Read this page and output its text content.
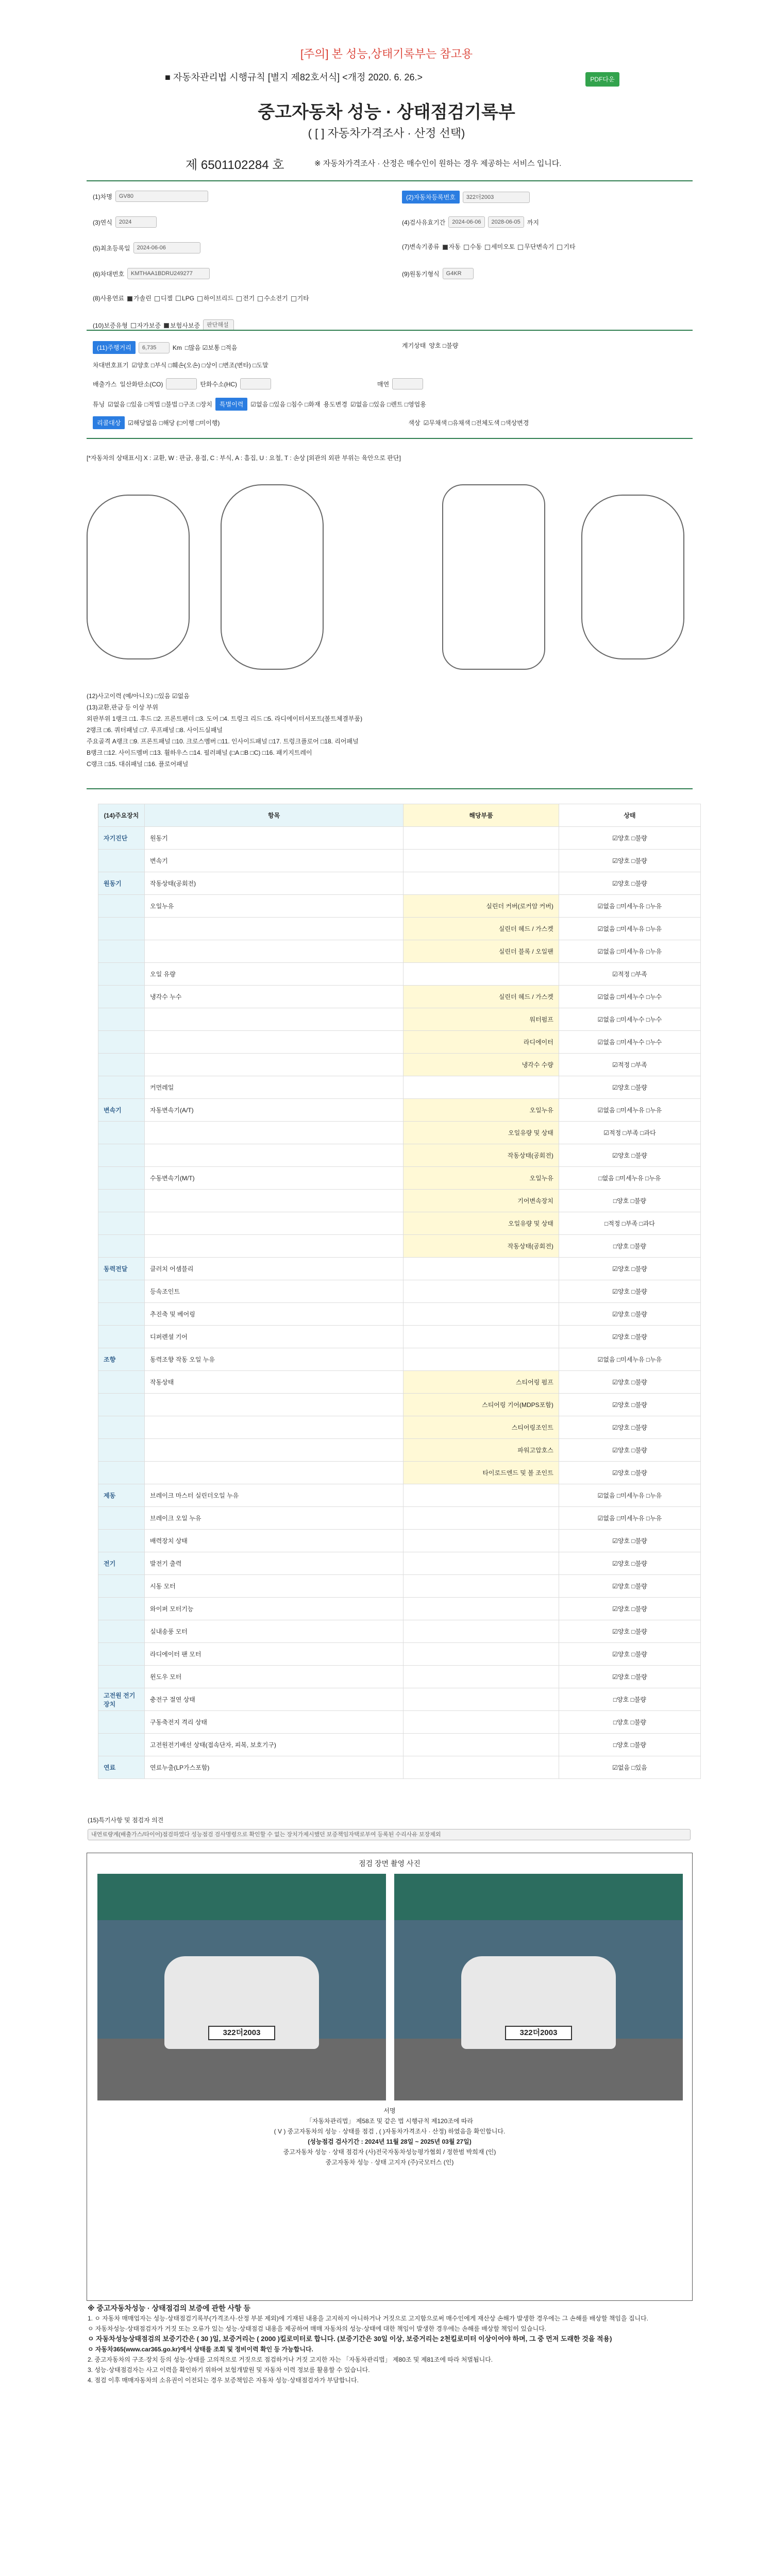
[주의] 본 성능,상태기록부는 참고용
■ 자동차관리법 시행규칙 [별지 제82호서식] <개정 2020. 6. 26.>	PDF다운
중고자동차 성능 · 상태점검기록부
( [ ] 자동차가격조사 · 산정 선택)
제 6501102284 호	※ 자동차가격조사 · 산정은 매수인이 원하는 경우 제공하는 서비스 입니다.
(1)차명	GV80	(2)자동차등록번호	322더2003
(3)연식	2024	(4)검사유효기간	2024-06-06	2028-06-05	까지
(5)최초등록일	2024-06-06	(7)변속기종류	자동	수동	세미오토	무단변속기	기타
(6)차대번호	KMTHAA1BDRU249277	(9)원동기형식	G4KR
(8)사용연료	가솔린	디젤	LPG	하이브리드	전기	수소전기	기타
(10)보증유형	자가보증	보험사보증	판단해설
(11)주행거리	6,735	Km □많음 ☑보통 □적음	계기상태 양호 □불량
차대번호표기 ☑양호 □부식 □훼손(오손) □상이 □변조(변타) □도말
배출가스 일산화탄소(CO)	탄화수소(HC)	매연
튜닝 ☑없음 □있음 □적법 □불법 □구조 □장치	특별이력	☑없음 □있음 □침수 □화재 용도변경 ☑없음 □있음 □렌트 □영업용
리콜대상	☑해당없음 □해당 (□이행 □미이행)	색상 ☑무채색 □유채색 □전체도색 □색상변경
[*자동차의 상태표시] X : 교환, W : 판금, 용접, C : 부식, A : 흠집, U : 요철, T : 손상 [외관의 외판 부위는 육안으로 판단]
(12)사고이력 (예/아니오) □있음 ☑없음
(13)교환,판금 등 이상 부위
외판부위 1랭크 □1. 후드 □2. 프론트펜더 □3. 도어 □4. 트렁크 리드 □5. 라디에이터서포트(볼트체결부품)
2랭크 □6. 쿼터패널 □7. 루프패널 □8. 사이드실패널
주요골격 A랭크 □9. 프론트패널 □10. 크로스멤버 □11. 인사이드패널 □17. 트렁크플로어 □18. 리어패널
B랭크 □12. 사이드멤버 □13. 휠하우스 □14. 필러패널 (□A □B □C) □16. 패키지트레이
C랭크 □15. 대쉬패널 □16. 플로어패널
(14)주요장치	항목	해당부품	상태
자기진단	원동기		☑양호 □불량
	변속기		☑양호 □불량
원동기	작동상태(공회전)		☑양호 □불량
	오일누유	실린더 커버(로커암 커버)	☑없음 □미세누유 □누유
		실린더 헤드 / 가스켓	☑없음 □미세누유 □누유
		실린더 블록 / 오일팬	☑없음 □미세누유 □누유
	오일 유량		☑적정 □부족
	냉각수 누수	실린더 헤드 / 가스켓	☑없음 □미세누수 □누수
		워터펌프	☑없음 □미세누수 □누수
		라디에이터	☑없음 □미세누수 □누수
		냉각수 수량	☑적정 □부족
	커먼레일		☑양호 □불량
변속기	자동변속기(A/T)	오일누유	☑없음 □미세누유 □누유
		오일유량 및 상태	☑적정 □부족 □과다
		작동상태(공회전)	☑양호 □불량
	수동변속기(M/T)	오일누유	□없음 □미세누유 □누유
		기어변속장치	□양호 □불량
		오일유량 및 상태	□적정 □부족 □과다
		작동상태(공회전)	□양호 □불량
동력전달	클러치 어셈블리		☑양호 □불량
	등속조인트		☑양호 □불량
	추진축 및 베어링		☑양호 □불량
	디퍼렌셜 기어		☑양호 □불량
조향	동력조향 작동 오일 누유		☑없음 □미세누유 □누유
	작동상태	스티어링 펌프	☑양호 □불량
		스티어링 기어(MDPS포함)	☑양호 □불량
		스티어링조인트	☑양호 □불량
		파워고압호스	☑양호 □불량
		타이로드엔드 및 볼 조인트	☑양호 □불량
제동	브레이크 마스터 실린더오일 누유		☑없음 □미세누유 □누유
	브레이크 오일 누유		☑없음 □미세누유 □누유
	배력장치 상태		☑양호 □불량
전기	발전기 출력		☑양호 □불량
	시동 모터		☑양호 □불량
	와이퍼 모터기능		☑양호 □불량
	실내송풍 모터		☑양호 □불량
	라디에이터 팬 모터		☑양호 □불량
	윈도우 모터		☑양호 □불량
고전원 전기장치	충전구 절연 상태		□양호 □불량
	구동축전지 격리 상태		□양호 □불량
	고전원전기배선 상태(접속단자, 피복, 보호기구)		□양호 □불량
연료	연료누출(LP가스포함)		☑없음 □있음
(15)특기사항 및 점검자 의견
내연료량계(배출가스/타이어)점검하였다 성능점검 검사명령으로 확인할 수 없는 장치가제시했던 보증책임자택로부여 등록된 수리사유 보장제외
점검 장면 촬영 사진
322더2003	322더2003
서명
「자동차관리법」 제58조 및 같은 법 시행규칙 제120조에 따라
( V ) 중고자동차의 성능 · 상태를 점검 , ( )자동차가격조사 · 산정) 하였음을 확인합니다.
(성능점검 검사기간 : 2024년 11월 28일 ~ 2025년 03월 27일)
중고자동차 성능 · 상태 점검자 (사)전국자동차성능평가협회 / 정한범 박희재 (인)
중고자동차 성능 · 상태 고지자 (주)국모터스 (인)
※ 중고자동차성능 · 상태점검의 보증에 관한 사항 등
1. ㅇ 자동차 매매업자는 성능·상태점검기록부(가격조사·산정 부분 제외)에 기재된 내용을 고지하지 아니하거나 거짓으로 고지함으로써 매수인에게 재산상 손해가 발생한 경우에는 그 손해를 배상할 책임을 집니다.
ㅇ 자동차성능·상태점검자가 거짓 또는 오류가 있는 성능·상태점검 내용을 제공하여 매매 자동차의 성능·상태에 대한 책임이 발생한 경우에는 손해를 배상할 책임이 있습니다.
ㅇ 자동차성능상태점검의 보증기간은 ( 30 )일, 보증거리는 ( 2000 )킬로미터로 합니다. (보증기간은 30일 이상, 보증거리는 2천킬로미터 이상이어야 하며, 그 중 먼저 도래한 것을 적용)
ㅇ 자동차365(www.car365.go.kr)에서 상태를 조회 및 정비이력 확인 등 가능합니다.
2. 중고자동차의 구조·장치 등의 성능·상태를 고의적으로 거짓으로 점검하거나 거짓 고지한 자는 「자동차관리법」 제80조 및 제81조에 따라 처벌됩니다.
3. 성능·상태점검자는 사고 이력을 확인하기 위하여 보험개발원 및 자동차 이력 정보를 활용할 수 있습니다.
4. 점검 이후 매매자동차의 소유권이 이전되는 경우 보증책임은 자동차 성능·상태점검자가 부담합니다.
